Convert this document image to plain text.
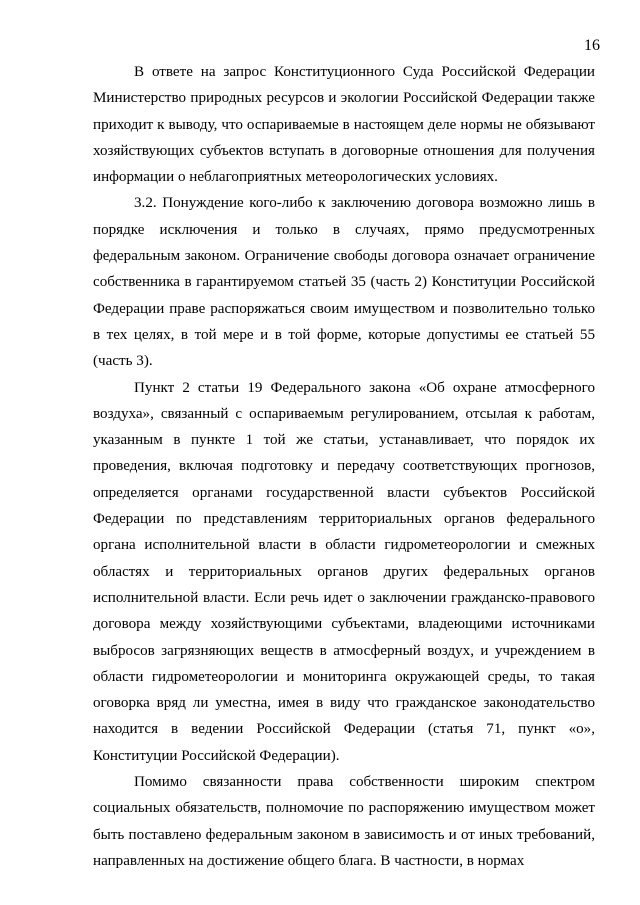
16

В ответе на запрос Конституционного Суда Российской Федерации Министерство природных ресурсов и экологии Российской Федерации также приходит к выводу, что оспариваемые в настоящем деле нормы не обязывают хозяйствующих субъектов вступать в договорные отношения для получения информации о неблагоприятных метеорологических условиях.

3.2. Понуждение кого-либо к заключению договора возможно лишь в порядке исключения и только в случаях, прямо предусмотренных федеральным законом. Ограничение свободы договора означает ограничение собственника в гарантируемом статьей 35 (часть 2) Конституции Российской Федерации праве распоряжаться своим имуществом и позволительно только в тех целях, в той мере и в той форме, которые допустимы ее статьей 55 (часть 3).

Пункт 2 статьи 19 Федерального закона «Об охране атмосферного воздуха», связанный с оспариваемым регулированием, отсылая к работам, указанным в пункте 1 той же статьи, устанавливает, что порядок их проведения, включая подготовку и передачу соответствующих прогнозов, определяется органами государственной власти субъектов Российской Федерации по представлениям территориальных органов федерального органа исполнительной власти в области гидрометеорологии и смежных областях и территориальных органов других федеральных органов исполнительной власти. Если речь идет о заключении гражданско-правового договора между хозяйствующими субъектами, владеющими источниками выбросов загрязняющих веществ в атмосферный воздух, и учреждением в области гидрометеорологии и мониторинга окружающей среды, то такая оговорка вряд ли уместна, имея в виду что гражданское законодательство находится в ведении Российской Федерации (статья 71, пункт «о», Конституции Российской Федерации).

Помимо связанности права собственности широким спектром социальных обязательств, полномочие по распоряжению имуществом может быть поставлено федеральным законом в зависимость и от иных требований, направленных на достижение общего блага. В частности, в нормах
